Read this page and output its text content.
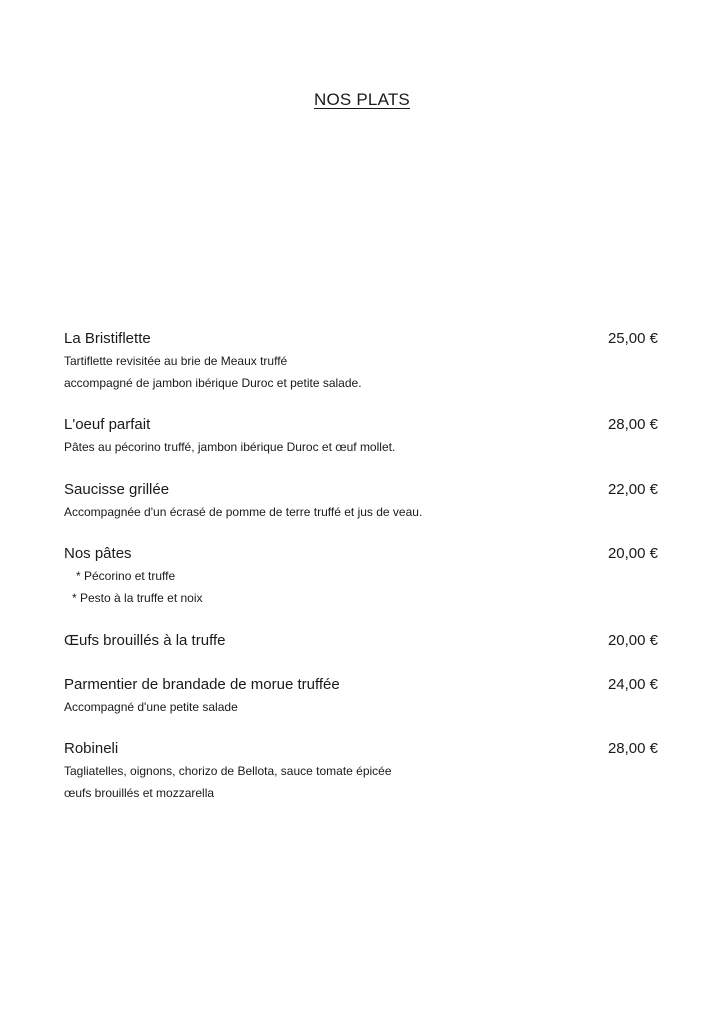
NOS PLATS
La Bristiflette	25,00 €
Tartiflette revisitée au brie de Meaux truffé
accompagné de jambon ibérique Duroc et petite salade.
L'oeuf parfait	28,00 €
Pâtes au pécorino truffé, jambon ibérique Duroc et œuf mollet.
Saucisse grillée	22,00 €
Accompagnée d'un écrasé de pomme de terre truffé et jus de veau.
Nos pâtes	20,00 €
* Pécorino et truffe
* Pesto à la truffe et noix
Œufs brouillés à la truffe	20,00 €
Parmentier de brandade de morue truffée	24,00 €
Accompagné d'une petite salade
Robineli	28,00 €
Tagliatelles, oignons, chorizo de Bellota, sauce tomate épicée
œufs brouillés et mozzarella
